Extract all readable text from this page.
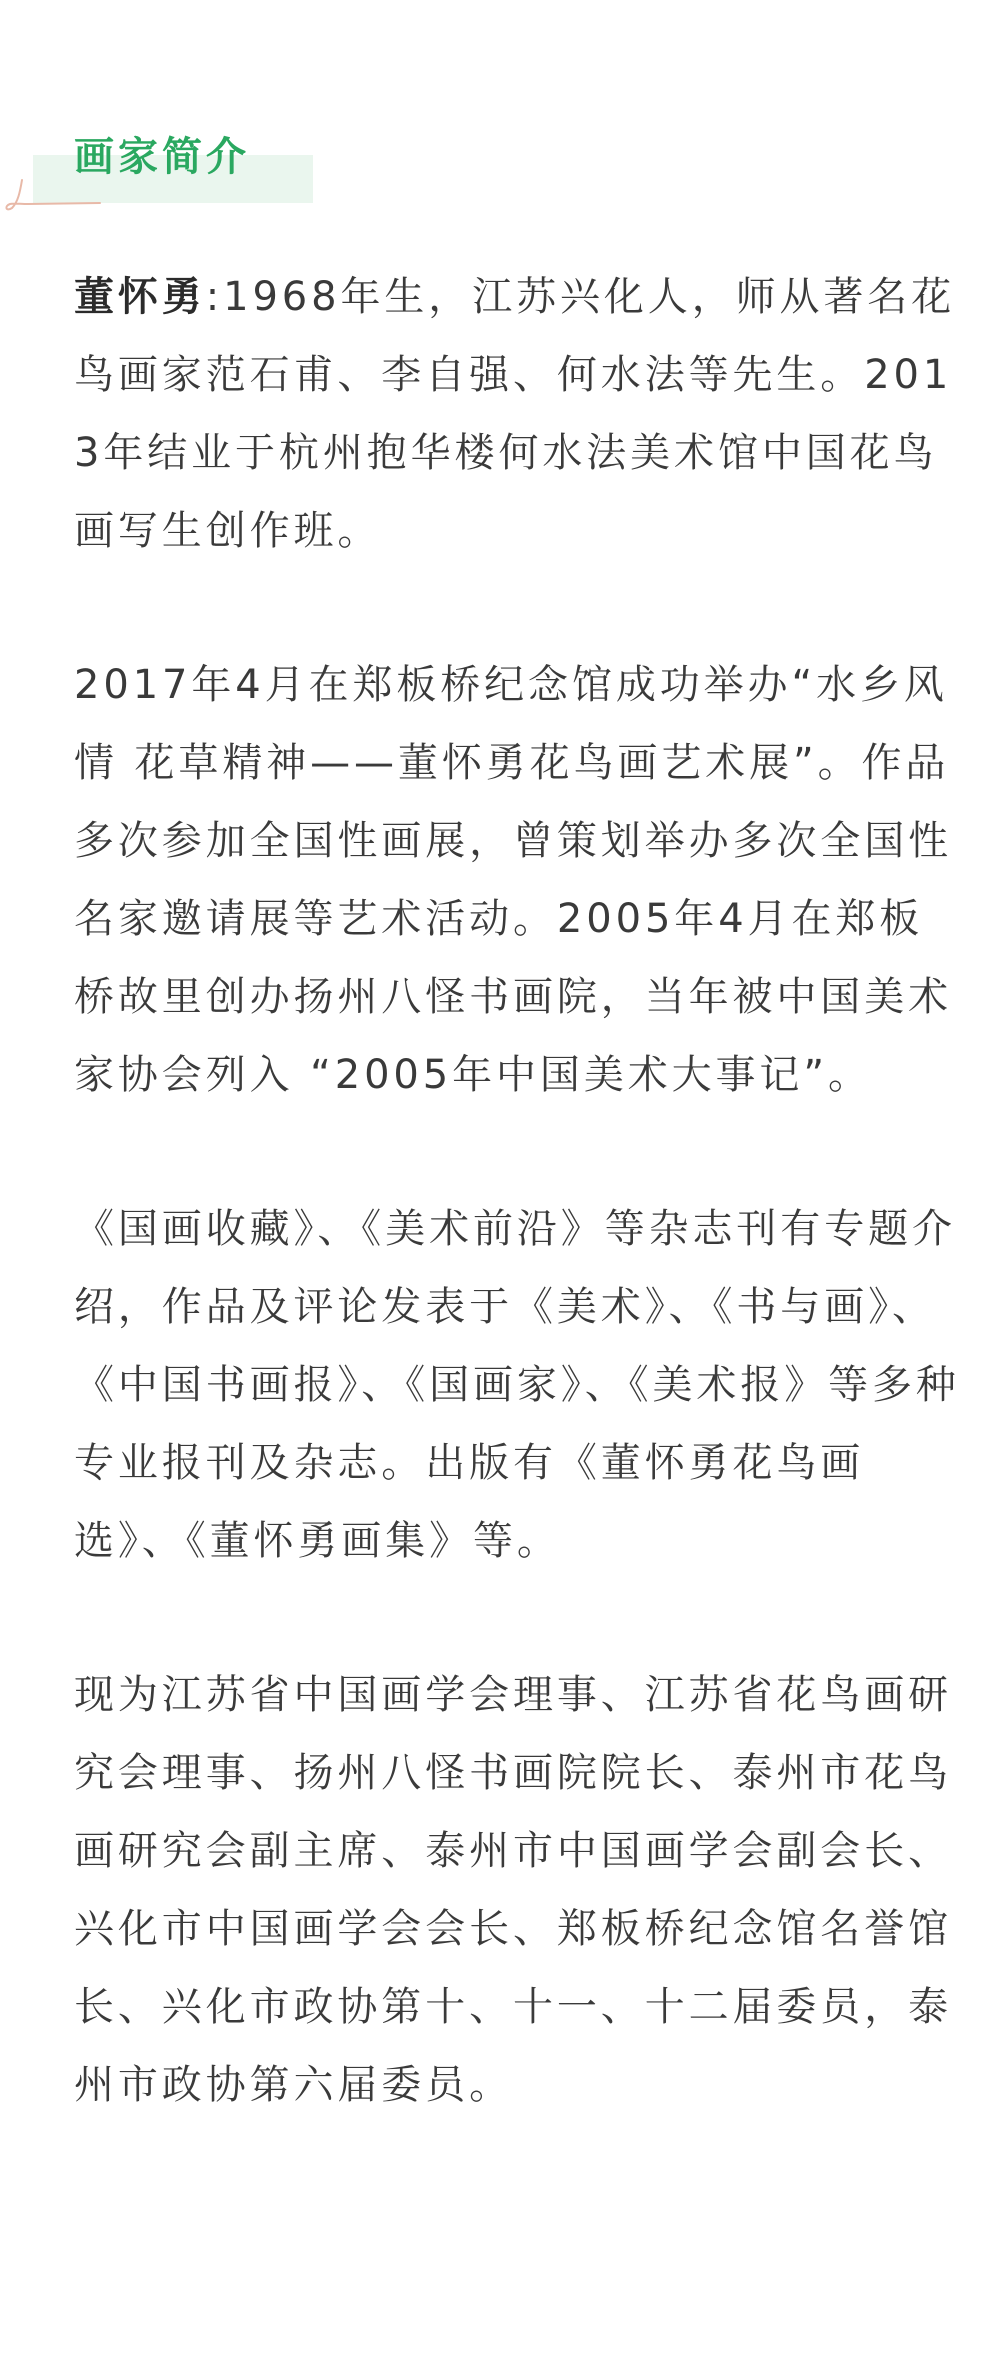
画家简介

董怀勇:1968年生，江苏兴化人，师从著名花鸟画家范石甫、李自强、何水法等先生。2013年结业于杭州抱华楼何水法美术馆中国花鸟画写生创作班。

2017年4月在郑板桥纪念馆成功举办“水乡风情 花草精神——董怀勇花鸟画艺术展”。作品多次参加全国性画展，曾策划举办多次全国性名家邀请展等艺术活动。2005年4月在郑板桥故里创办扬州八怪书画院，当年被中国美术家协会列入 “2005年中国美术大事记”。

《国画收藏》、《美术前沿》等杂志刊有专题介绍，作品及评论发表于《美术》、《书与画》、《中国书画报》、《国画家》、《美术报》等多种专业报刊及杂志。出版有《董怀勇花鸟画选》、《董怀勇画集》等。

现为江苏省中国画学会理事、江苏省花鸟画研究会理事、扬州八怪书画院院长、泰州市花鸟画研究会副主席、泰州市中国画学会副会长、兴化市中国画学会会长、郑板桥纪念馆名誉馆长、兴化市政协第十、十一、十二届委员，泰州市政协第六届委员。
